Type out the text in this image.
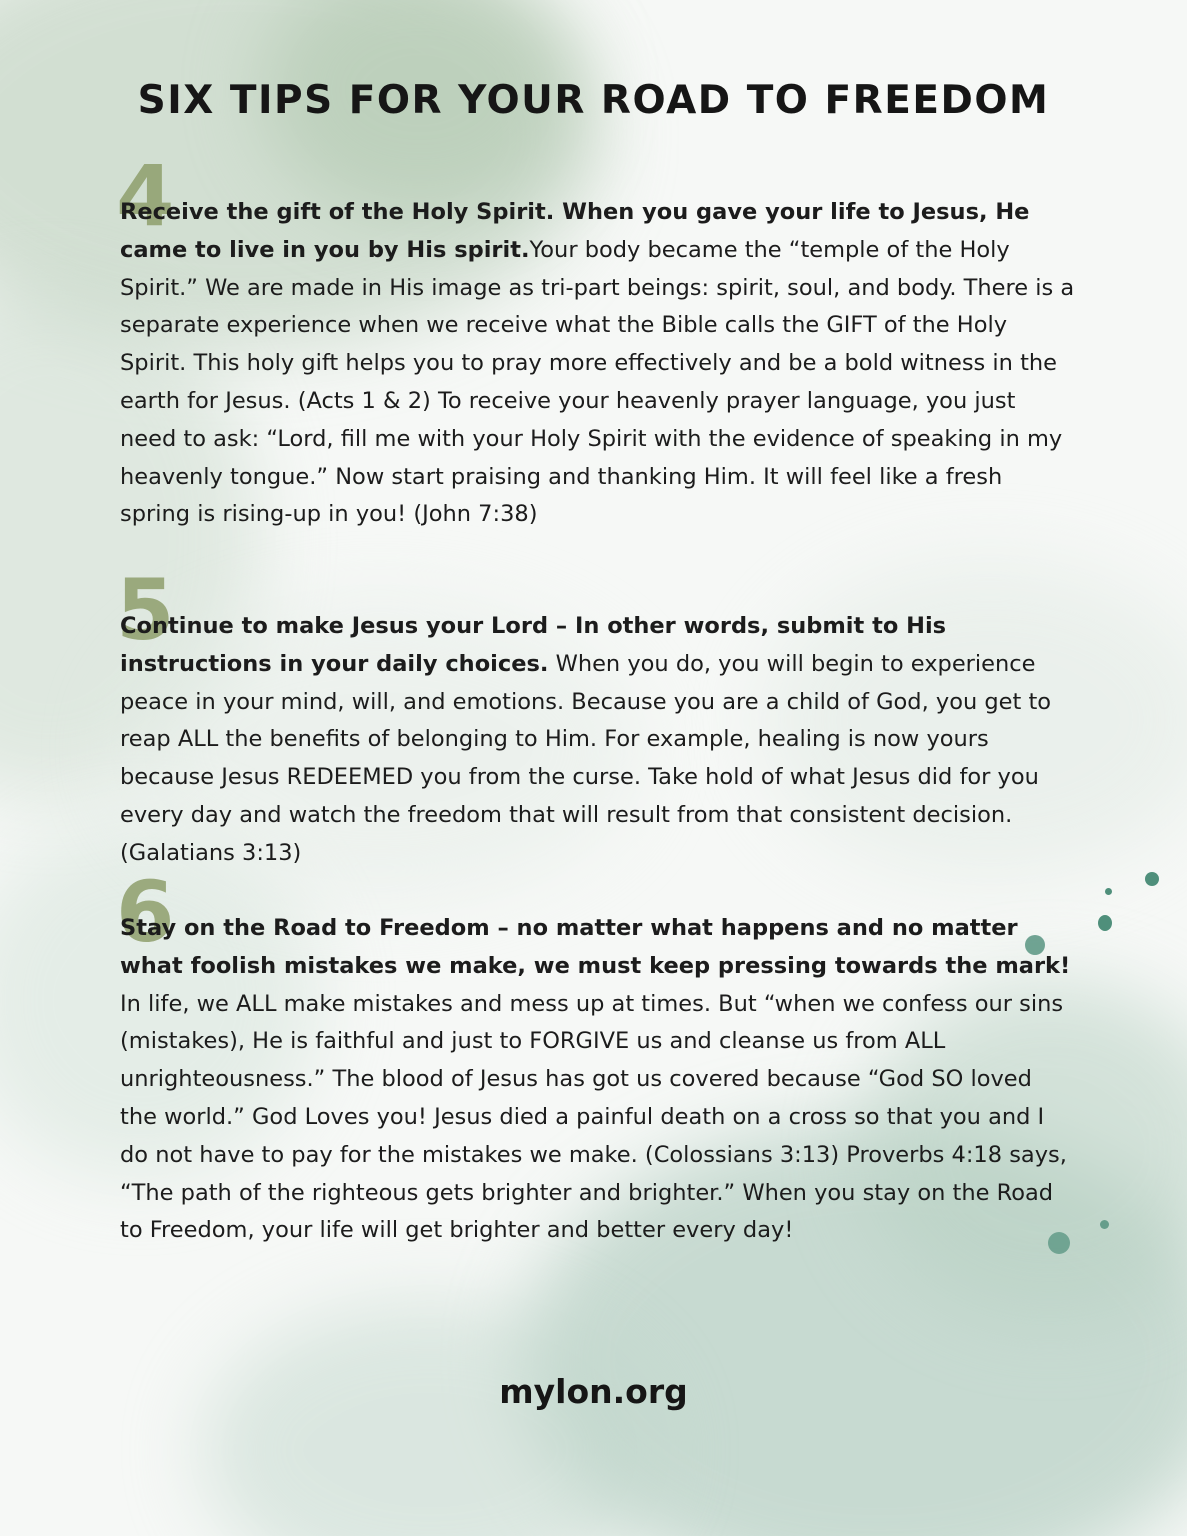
SIX TIPS FOR YOUR ROAD TO FREEDOM
4

Receive the gift of the Holy Spirit. When you gave your life to Jesus, He came to live in you by His spirit.Your body became the “temple of the Holy Spirit.” We are made in His image as tri-part beings: spirit, soul, and body. There is a separate experience when we receive what the Bible calls the GIFT of the Holy Spirit. This holy gift helps you to pray more effectively and be a bold witness in the earth for Jesus. (Acts 1 & 2) To receive your heavenly prayer language, you just need to ask: “Lord, fill me with your Holy Spirit with the evidence of speaking in my heavenly tongue.” Now start praising and thanking Him. It will feel like a fresh spring is rising-up in you! (John 7:38)

5

Continue to make Jesus your Lord – In other words, submit to His instructions in your daily choices. When you do, you will begin to experience peace in your mind, will, and emotions. Because you are a child of God, you get to reap ALL the benefits of belonging to Him. For example, healing is now yours because Jesus REDEEMED you from the curse. Take hold of what Jesus did for you every day and watch the freedom that will result from that consistent decision. (Galatians 3:13)

6

Stay on the Road to Freedom – no matter what happens and no matter what foolish mistakes we make, we must keep pressing towards the mark! In life, we ALL make mistakes and mess up at times. But “when we confess our sins (mistakes), He is faithful and just to FORGIVE us and cleanse us from ALL unrighteousness.” The blood of Jesus has got us covered because “God SO loved the world.” God Loves you! Jesus died a painful death on a cross so that you and I do not have to pay for the mistakes we make. (Colossians 3:13) Proverbs 4:18 says, “The path of the righteous gets brighter and brighter.” When you stay on the Road to Freedom, your life will get brighter and better every day!

mylon.org
